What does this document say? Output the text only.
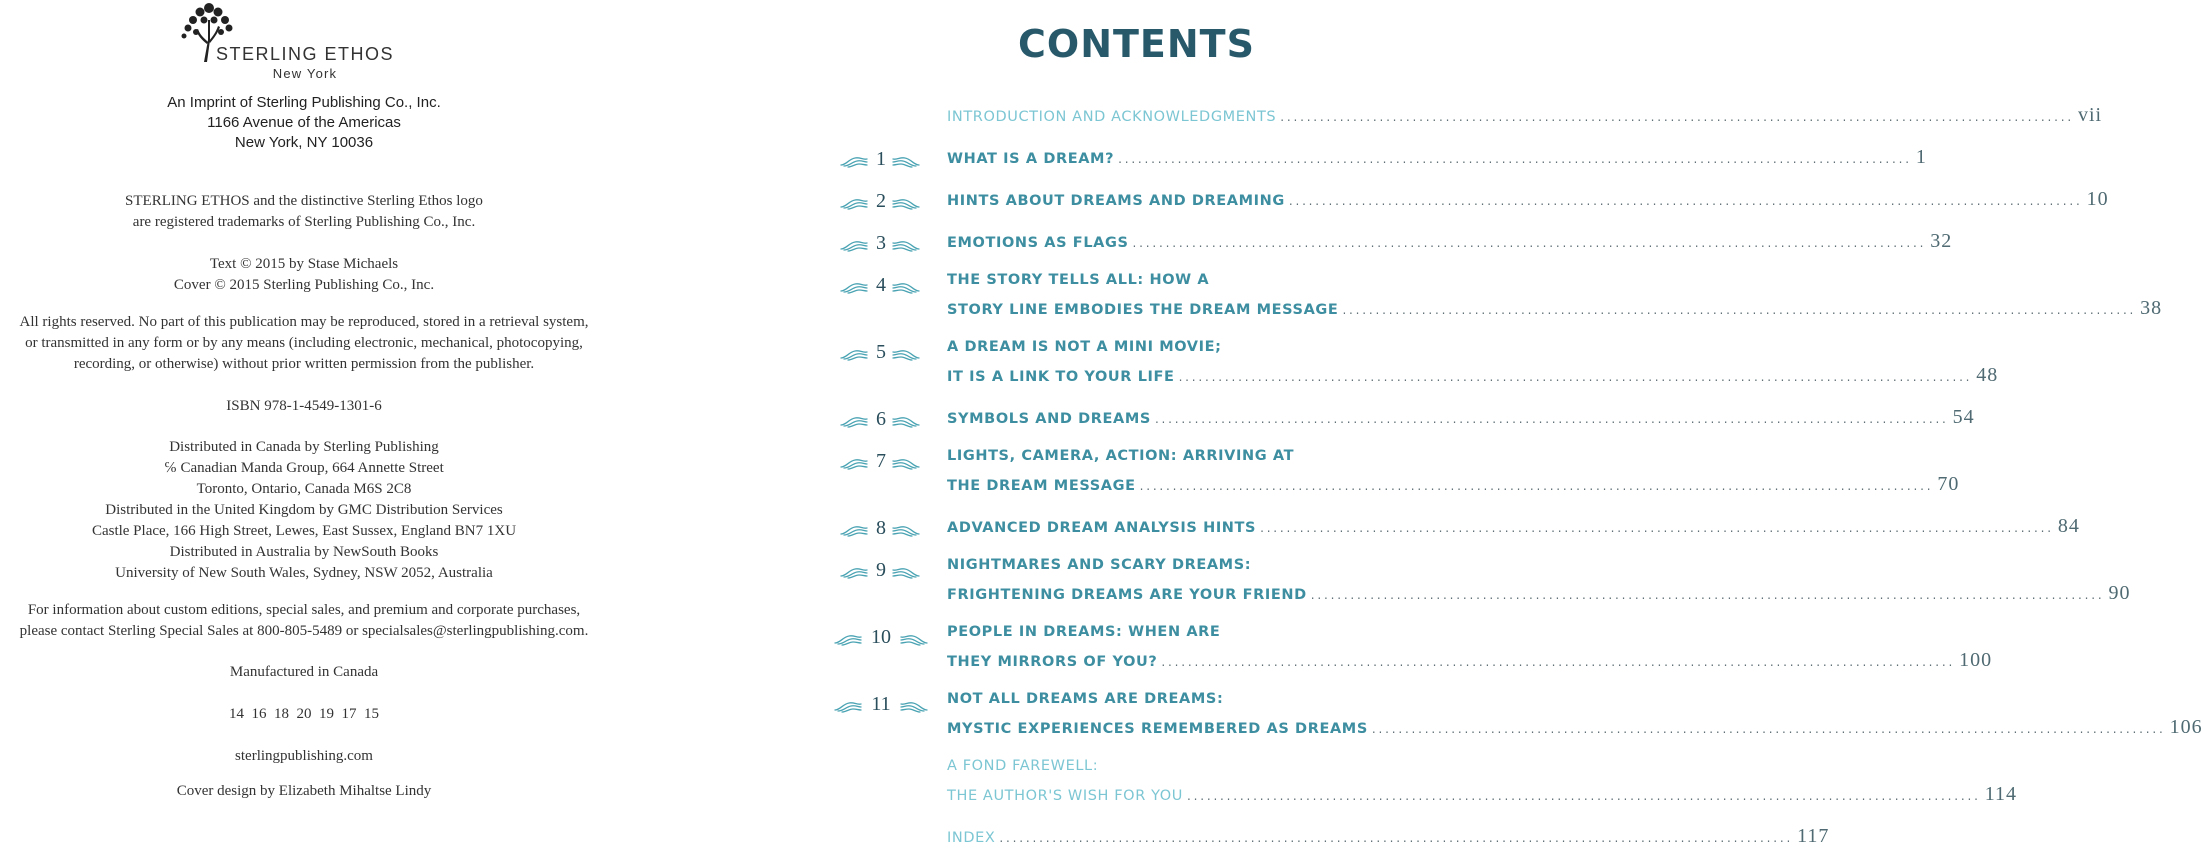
STERLING ETHOS
New York
An Imprint of Sterling Publishing Co., Inc.
1166 Avenue of the Americas
New York, NY 10036
STERLING ETHOS and the distinctive Sterling Ethos logo
are registered trademarks of Sterling Publishing Co., Inc.
Text © 2015 by Stase Michaels
Cover © 2015 Sterling Publishing Co., Inc.
All rights reserved. No part of this publication may be reproduced, stored in a retrieval system,
or transmitted in any form or by any means (including electronic, mechanical, photocopying,
recording, or otherwise) without prior written permission from the publisher.
ISBN 978-1-4549-1301-6
Distributed in Canada by Sterling Publishing
℅ Canadian Manda Group, 664 Annette Street
Toronto, Ontario, Canada M6S 2C8
Distributed in the United Kingdom by GMC Distribution Services
Castle Place, 166 High Street, Lewes, East Sussex, England BN7 1XU
Distributed in Australia by NewSouth Books
University of New South Wales, Sydney, NSW 2052, Australia
For information about custom editions, special sales, and premium and corporate purchases,
please contact Sterling Special Sales at 800-805-5489 or specialsales@sterlingpublishing.com.
Manufactured in Canada
14  16  18  20  19  17  15
sterlingpublishing.com
Cover design by Elizabeth Mihaltse Lindy
CONTENTS
INTRODUCTION AND ACKNOWLEDGMENTS ........................................................................................................................ vii
1	WHAT IS A DREAM? ........................................................................................................................ 1
2	HINTS ABOUT DREAMS AND DREAMING ........................................................................................................................ 10
3	EMOTIONS AS FLAGS ........................................................................................................................ 32
4	THE STORY TELLS ALL: HOW A
STORY LINE EMBODIES THE DREAM MESSAGE ........................................................................................................................ 38
5	A DREAM IS NOT A MINI MOVIE;
IT IS A LINK TO YOUR LIFE ........................................................................................................................ 48
6	SYMBOLS AND DREAMS ........................................................................................................................ 54
7	LIGHTS, CAMERA, ACTION: ARRIVING AT
THE DREAM MESSAGE ........................................................................................................................ 70
8	ADVANCED DREAM ANALYSIS HINTS ........................................................................................................................ 84
9	NIGHTMARES AND SCARY DREAMS:
FRIGHTENING DREAMS ARE YOUR FRIEND ........................................................................................................................ 90
10	PEOPLE IN DREAMS: WHEN ARE
THEY MIRRORS OF YOU? ........................................................................................................................ 100
11	NOT ALL DREAMS ARE DREAMS:
MYSTIC EXPERIENCES REMEMBERED AS DREAMS ........................................................................................................................ 106
A FOND FAREWELL:
THE AUTHOR'S WISH FOR YOU ........................................................................................................................ 114
INDEX ........................................................................................................................ 117
